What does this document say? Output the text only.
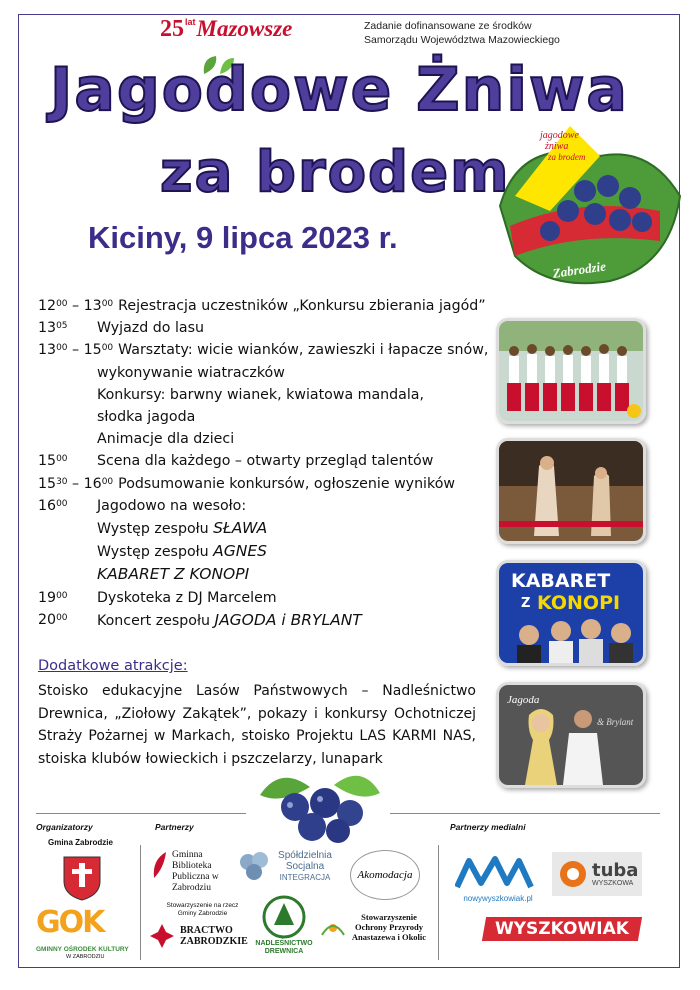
25 lat Mazowsze	Zadanie dofinansowane ze środków
Samorządu Województwa Mazowieckiego
Jagodowe Żniwa
za brodem
jagodowe
żniwa
za brodem
Zabrodzie
Kiciny, 9 lipca 2023 r.
$12^{00} - 13^{00}$ Rejestracja uczestników „Konkursu zbierania jagód”
$13^{05}$	Wyjazd do lasu
$13^{00} - 15^{00}$ Warsztaty: wicie wianków, zawieszki i łapacze snów,
wykonywanie wiatraczków
Konkursy: barwny wianek, kwiatowa mandala,
słodka jagoda
Animacje dla dzieci
$15^{00}$	Scena dla każdego – otwarty przegląd talentów
$15^{30} - 16^{00}$ Podsumowanie konkursów, ogłoszenie wyników
$16^{00}$	Jagodowo na wesoło:
Występ zespołu SŁAWA
Występ zespołu AGNES
KABARET Z KONOPI
$19^{00}$	Dyskoteka z DJ Marcelem
$20^{00}$	Koncert zespołu JAGODA i BRYLANT
KABARET
Z KONOPI
Jagoda
& Brylant
Dodatkowe atrakcje:
Stoisko edukacyjne Lasów Państwowych – Nadleśnictwo Drewnica, „Ziołowy Zakątek”, pokazy i konkursy Ochotniczej Straży Pożarnej w Markach, stoisko Projektu LAS KARMI NAS, stoiska klubów łowieckich i pszczelarzy, lunapark
Organizatorzy	Partnerzy	Partnerzy medialni
Gmina Zabrodzie
GOK
GMINNY OŚRODEK KULTURY
W ZABRODZIU
Gminna Biblioteka Publiczna w Zabrodziu
Stowarzyszenie na rzecz Gminy Zabrodzie
BRACTWO ZABRODZKIE
Spółdzielnia
Socjalna
INTEGRACJA	Akomodacja
NADLEŚNICTWO DREWNICA
Stowarzyszenie Ochrony Przyrody Anastazewa i Okolic
nowywyszkowiak.pl
tuba
WYSZKOWA
WYSZKOWIAK
